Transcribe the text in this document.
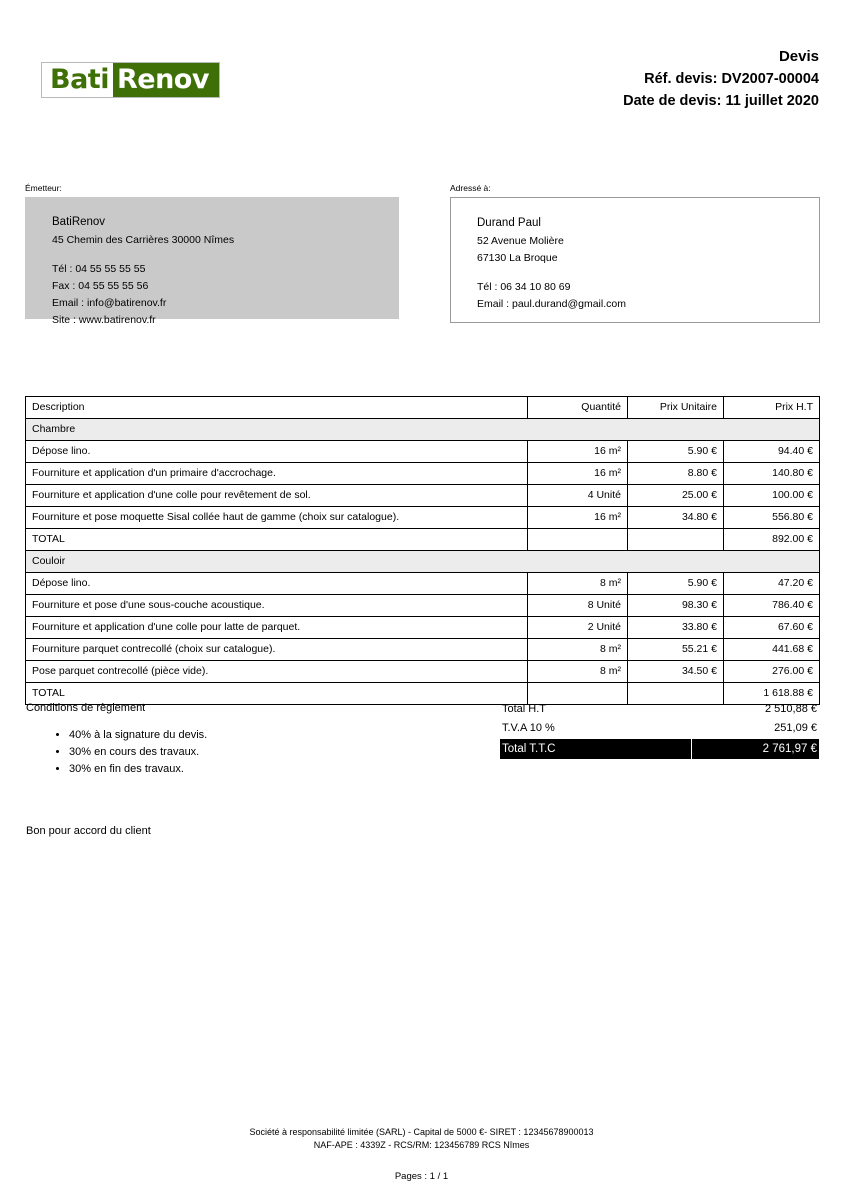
Bati Renov
Devis
Réf. devis: DV2007-00004
Date de devis: 11 juillet 2020
Émetteur:
BatiRenov
45 Chemin des Carrières 30000 Nîmes
Tél : 04 55 55 55 55
Fax : 04 55 55 55 56
Email : info@batirenov.fr
Site : www.batirenov.fr
Adressé à:
Durand Paul
52 Avenue Molière
67130 La Broque
Tél : 06 34 10 80 69
Email : paul.durand@gmail.com
Description	Quantité	Prix Unitaire	Prix H.T
Chambre			
Dépose lino.	16 m²	5.90 €	94.40 €
Fourniture et application d'un primaire d'accrochage.	16 m²	8.80 €	140.80 €
Fourniture et application d'une colle pour revêtement de sol.	4 Unité	25.00 €	100.00 €
Fourniture et pose moquette Sisal collée haut de gamme (choix sur catalogue).	16 m²	34.80 €	556.80 €
TOTAL			892.00 €
Couloir			
Dépose lino.	8 m²	5.90 €	47.20 €
Fourniture et pose d'une sous-couche acoustique.	8 Unité	98.30 €	786.40 €
Fourniture et application d'une colle pour latte de parquet.	2 Unité	33.80 €	67.60 €
Fourniture parquet contrecollé (choix sur catalogue).	8 m²	55.21 €	441.68 €
Pose parquet contrecollé (pièce vide).	8 m²	34.50 €	276.00 €
TOTAL			1 618.88 €
Conditions de règlement
• 40% à la signature du devis.
• 30% en cours des travaux.
• 30% en fin des travaux.
Total H.T	2 510,88 €
T.V.A 10 %	251,09 €
Total T.T.C	2 761,97 €
Bon pour accord du client
Société à responsabilité limitée (SARL) - Capital de 5000 €- SIRET : 12345678900013
NAF-APE : 4339Z - RCS/RM: 123456789 RCS Nîmes
Pages : 1 / 1
